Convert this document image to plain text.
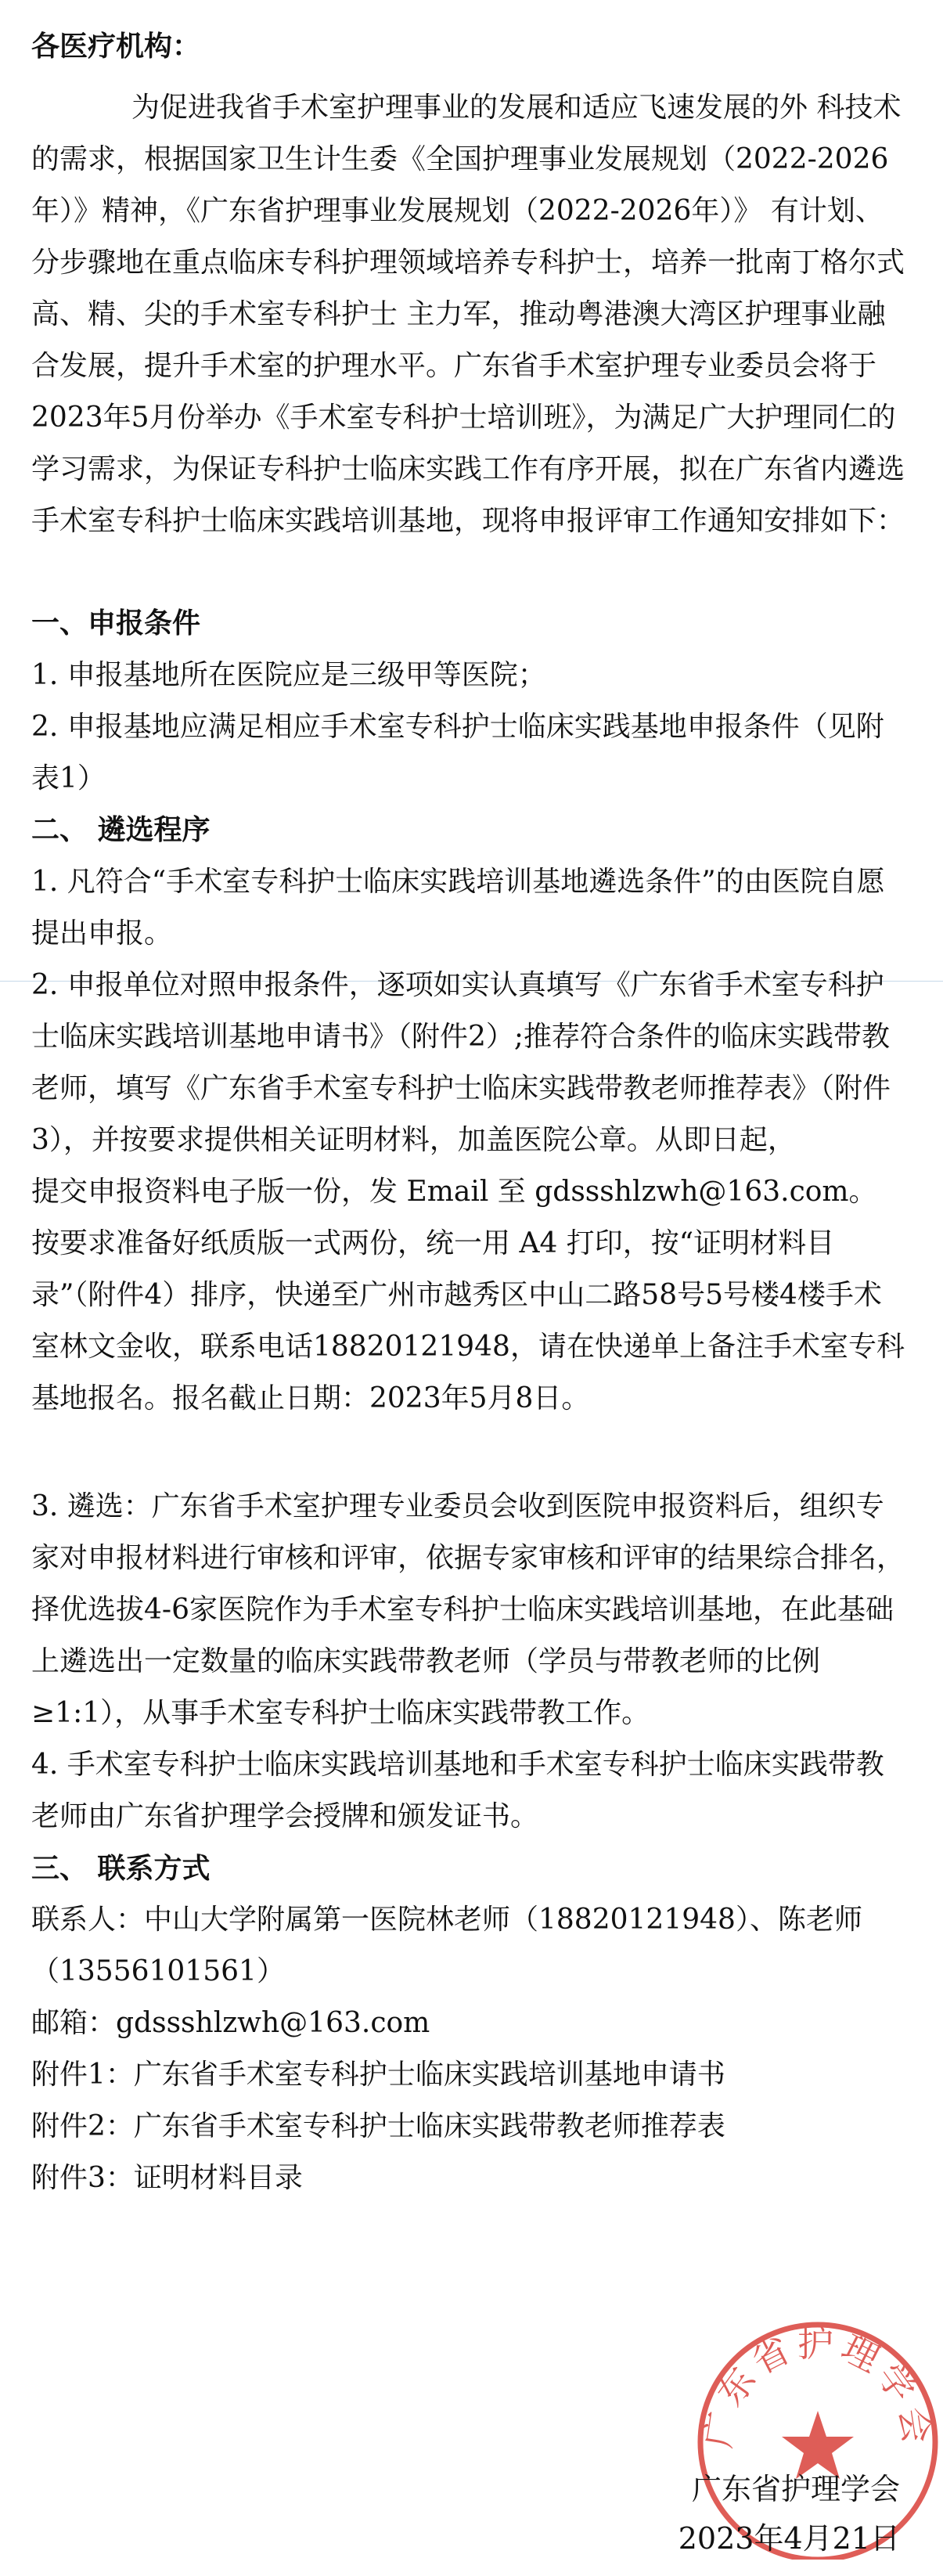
各医疗机构：

为促进我省手术室护理事业的发展和适应飞速发展的外 科技术的需求，根据国家卫生计生委《全国护理事业发展规划（2022-2026年）》精神，《广东省护理事业发展规划（2022-2026年）》 有计划、分步骤地在重点临床专科护理领域培养专科护士，培养一批南丁格尔式高、精、尖的手术室专科护士 主力军，推动粤港澳大湾区护理事业融合发展，提升手术室的护理水平。广东省手术室护理专业委员会将于2023年5月份举办《手术室专科护士培训班》，为满足广大护理同仁的学习需求，为保证专科护士临床实践工作有序开展，拟在广东省内遴选手术室专科护士临床实践培训基地，现将申报评审工作通知安排如下：

一、申报条件

1. 申报基地所在医院应是三级甲等医院；

2. 申报基地应满足相应手术室专科护士临床实践基地申报条件（见附表1）

二、 遴选程序

1. 凡符合“手术室专科护士临床实践培训基地遴选条件”的由医院自愿提出申报。

2. 申报单位对照申报条件，逐项如实认真填写《广东省手术室专科护士临床实践培训基地申请书》（附件2）;推荐符合条件的临床实践带教老师，填写《广东省手术室专科护士临床实践带教老师推荐表》（附件3），并按要求提供相关证明材料，加盖医院公章。从即日起，

提交申报资料电子版一份，发 Email 至 gdssshlzwh@163.com。 按要求准备好纸质版一式两份，统一用 A4 打印，按“证明材料目录”（附件4）排序，快递至广州市越秀区中山二路58号5号楼4楼手术室林文金收，联系电话18820121948，请在快递单上备注手术室专科基地报名。报名截止日期：2023年5月8日。

3. 遴选：广东省手术室护理专业委员会收到医院申报资料后，组织专家对申报材料进行审核和评审，依据专家审核和评审的结果综合排名，择优选拔4-6家医院作为手术室专科护士临床实践培训基地，在此基础上遴选出一定数量的临床实践带教老师（学员与带教老师的比例≥1:1），从事手术室专科护士临床实践带教工作。

4. 手术室专科护士临床实践培训基地和手术室专科护士临床实践带教老师由广东省护理学会授牌和颁发证书。

三、 联系方式

联系人：中山大学附属第一医院林老师（18820121948）、陈老师（13556101561）

邮箱：gdssshlzwh@163.com

附件1：广东省手术室专科护士临床实践培训基地申请书

附件2：广东省手术室专科护士临床实践带教老师推荐表

附件3：证明材料目录

广东省护理学会
广东省护理学会
2023年4月21日
